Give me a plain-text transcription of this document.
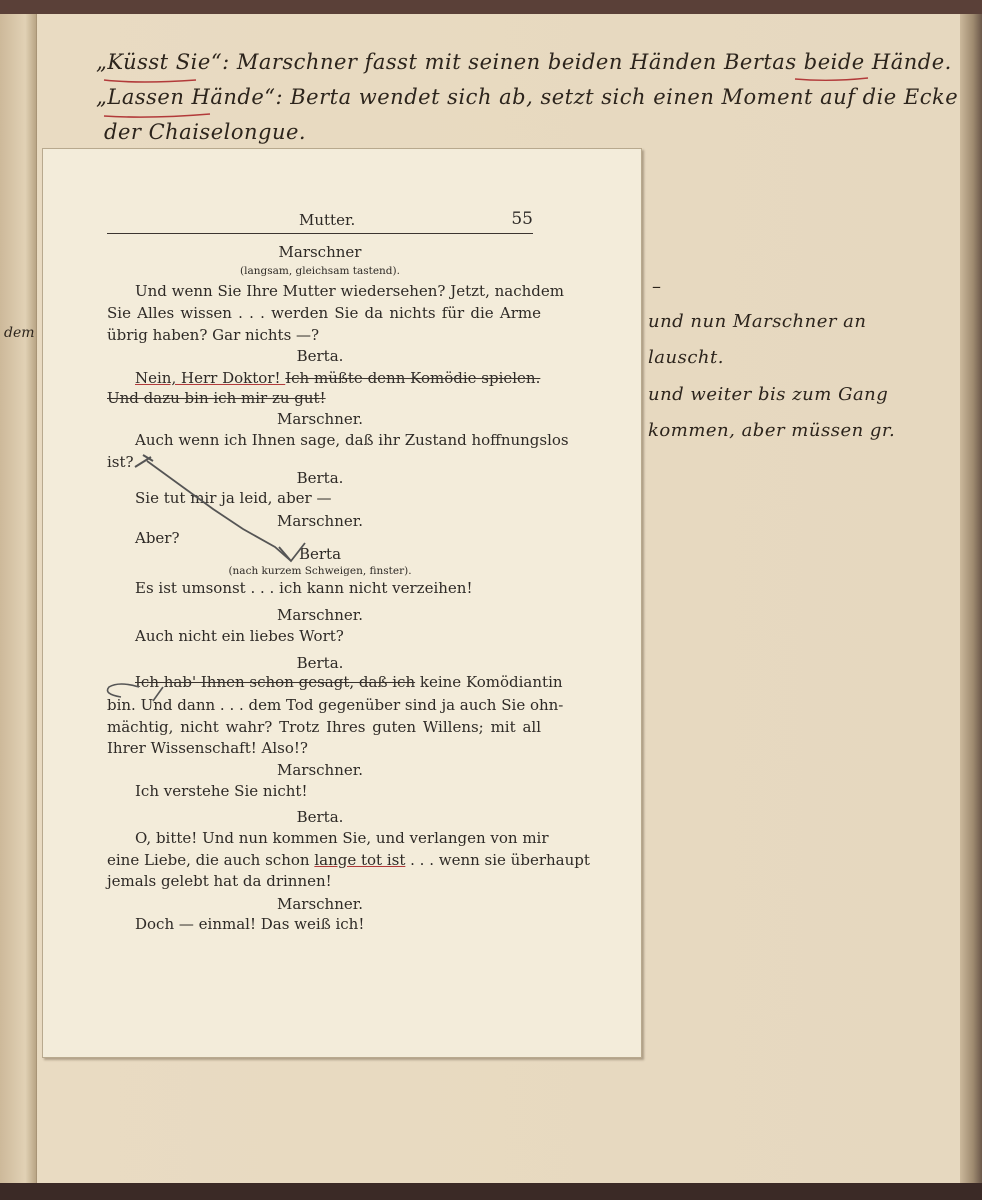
„Küsst Sie“: Marschner fasst mit seinen beiden Händen Bertas beide Hände.
„Lassen Hände“: Berta wendet sich ab, setzt sich einen Moment auf die Ecke
der Chaiselongue.
–
und nun Marschner an
lauscht.
und weiter bis zum Gang
kommen, aber müssen gr.
dem
Mutter.	55
Marschner
(langsam, gleichsam tastend).
Und wenn Sie Ihre Mutter wiedersehen? Jetzt, nachdem
Sie Alles wissen . . . werden Sie da nichts für die Arme
übrig haben? Gar nichts —?
Berta.
Nein, Herr Doktor! Ich müßte denn Komödie spielen.
Und dazu bin ich mir zu gut!
Marschner.
Auch wenn ich Ihnen sage, daß ihr Zustand hoffnungslos
ist?
Berta.
Sie tut mir ja leid, aber —
Marschner.
Aber?
Berta
(nach kurzem Schweigen, finster).
Es ist umsonst . . . ich kann nicht verzeihen!
Marschner.
Auch nicht ein liebes Wort?
Berta.
Ich hab' Ihnen schon gesagt, daß ich keine Komödiantin
bin. Und dann . . . dem Tod gegenüber sind ja auch Sie ohn-
mächtig, nicht wahr? Trotz Ihres guten Willens; mit all
Ihrer Wissenschaft! Also!?
Marschner.
Ich verstehe Sie nicht!
Berta.
O, bitte! Und nun kommen Sie, und verlangen von mir
eine Liebe, die auch schon lange tot ist . . . wenn sie überhaupt
jemals gelebt hat da drinnen!
Marschner.
Doch — einmal! Das weiß ich!
